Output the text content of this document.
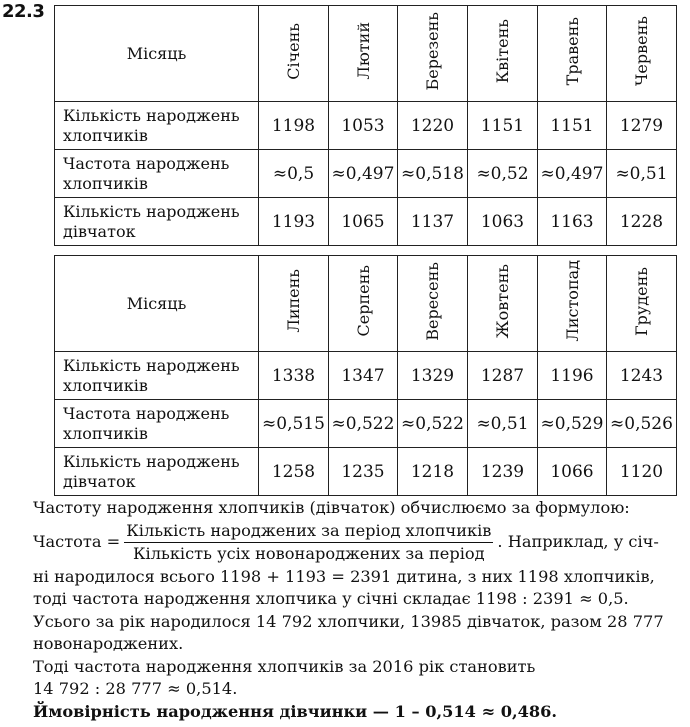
22.3
Місяць	Січень	Лютий	Березень	Квітень	Травень	Червень
Кількість народжень хлопчиків	1198	1053	1220	1151	1151	1279
Частота народжень хлопчиків	≈0,5	≈0,497	≈0,518	≈0,52	≈0,497	≈0,51
Кількість народжень дівчаток	1193	1065	1137	1063	1163	1228
Місяць	Липень	Серпень	Вересень	Жовтень	Листопад	Грудень
Кількість народжень хлопчиків	1338	1347	1329	1287	1196	1243
Частота народжень хлопчиків	≈0,515	≈0,522	≈0,522	≈0,51	≈0,529	≈0,526
Кількість народжень дівчаток	1258	1235	1218	1239	1066	1120

Частоту народження хлопчиків (дівчаток) обчислюємо за формулою:

Частота = $\frac{\text{Кількість народжених за період хлопчиків}}{\text{Кількість усіх новонароджених за період}}$ . Наприклад, у січ-

ні народилося всього 1198 + 1193 = 2391 дитина, з них 1198 хлопчиків,

тоді частота народження хлопчика у січні складає 1198 : 2391 ≈ 0,5.

Усього за рік народилося 14 792 хлопчики, 13985 дівчаток, разом 28 777

новонароджених.

Тоді частота народження хлопчиків за 2016 рік становить

14 792 : 28 777 ≈ 0,514.

Ймовірність народження дівчинки — 1 – 0,514 ≈ 0,486.
